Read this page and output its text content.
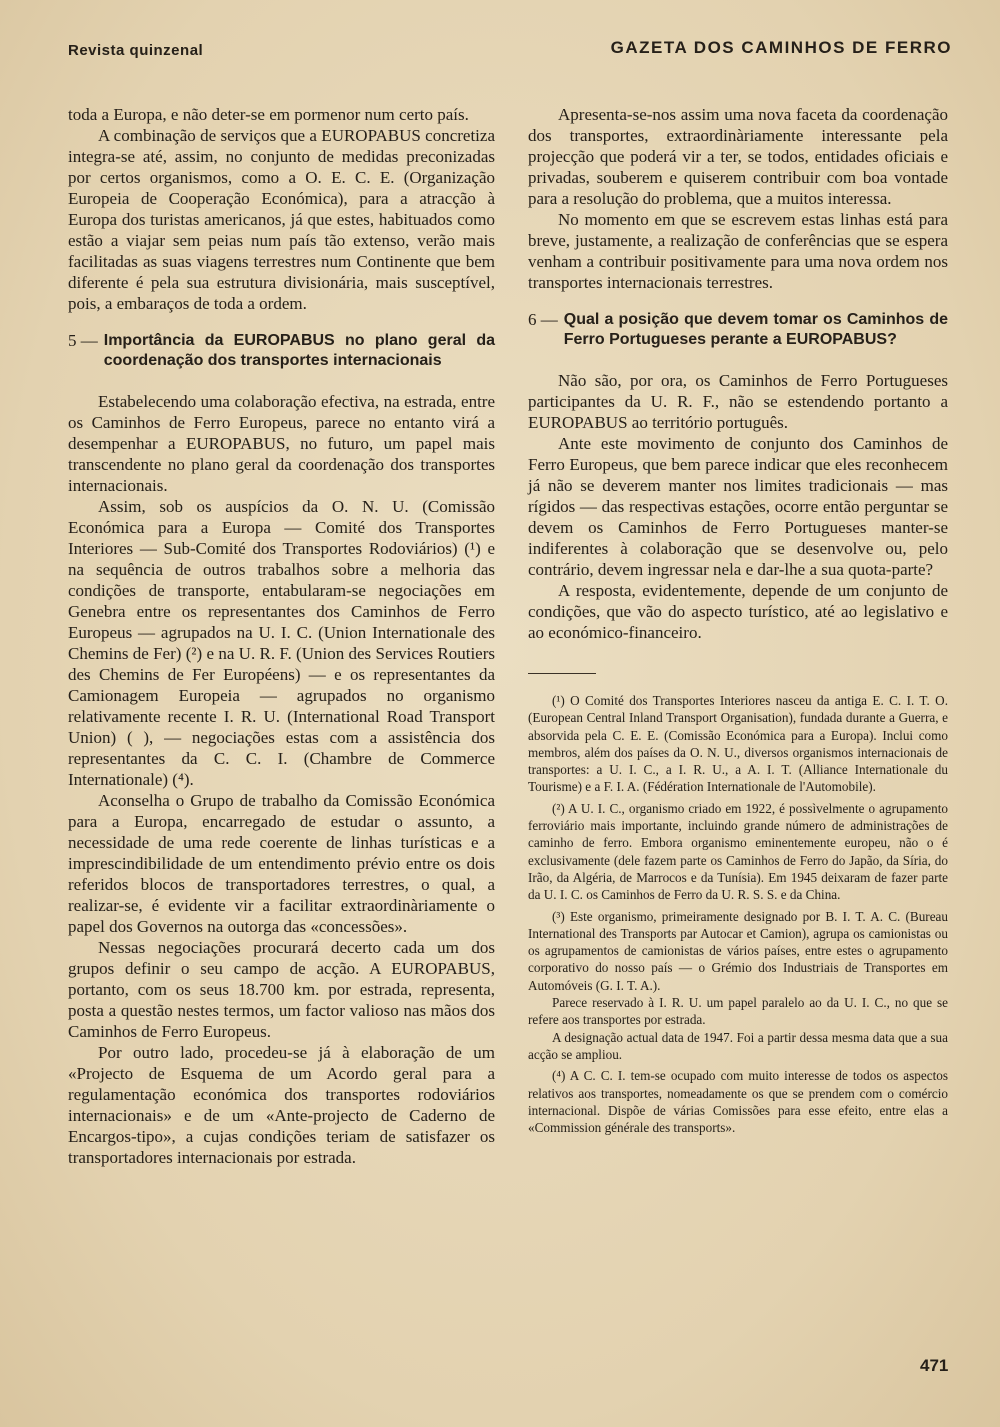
Revista quinzenal	GAZETA DOS CAMINHOS DE FERRO

toda a Europa, e não deter-se em pormenor num certo país.

A combinação de serviços que a EUROPABUS concretiza integra-se até, assim, no conjunto de medidas preconizadas por certos organismos, como a O. E. C. E. (Organização Europeia de Cooperação Económica), para a atracção à Europa dos turistas americanos, já que estes, habituados como estão a viajar sem peias num país tão extenso, verão mais facilitadas as suas viagens terrestres num Continente que bem diferente é pela sua estrutura divisionária, mais susceptível, pois, a embaraços de toda a ordem.

5 — Importância da EUROPABUS no plano geral da coordenação dos transportes internacionais

Estabelecendo uma colaboração efectiva, na estrada, entre os Caminhos de Ferro Europeus, parece no entanto virá a desempenhar a EUROPABUS, no futuro, um papel mais transcendente no plano geral da coordenação dos transportes internacionais.

Assim, sob os auspícios da O. N. U. (Comissão Económica para a Europa — Comité dos Transportes Interiores — Sub-Comité dos Transportes Rodoviários) (¹) e na sequência de outros trabalhos sobre a melhoria das condições de transporte, entabularam-se negociações em Genebra entre os representantes dos Caminhos de Ferro Europeus — agrupados na U. I. C. (Union Internationale des Chemins de Fer) (²) e na U. R. F. (Union des Services Routiers des Chemins de Fer Européens) — e os representantes da Camionagem Europeia — agrupados no organismo relativamente recente I. R. U. (International Road Transport Union) ( ), — negociações estas com a assistência dos representantes da C. C. I. (Chambre de Commerce Internationale) (⁴).

Aconselha o Grupo de trabalho da Comissão Económica para a Europa, encarregado de estudar o assunto, a necessidade de uma rede coerente de linhas turísticas e a imprescindibilidade de um entendimento prévio entre os dois referidos blocos de transportadores terrestres, o qual, a realizar-se, é evidente vir a facilitar extraordinàriamente o papel dos Governos na outorga das «concessões».

Nessas negociações procurará decerto cada um dos grupos definir o seu campo de acção. A EUROPABUS, portanto, com os seus 18.700 km. por estrada, representa, posta a questão nestes termos, um factor valioso nas mãos dos Caminhos de Ferro Europeus.

Por outro lado, procedeu-se já à elaboração de um «Projecto de Esquema de um Acordo geral para a regulamentação económica dos transportes rodoviários internacionais» e de um «Ante-projecto de Caderno de Encargos-tipo», a cujas condições teriam de satisfazer os transportadores internacionais por estrada.

Apresenta-se-nos assim uma nova faceta da coordenação dos transportes, extraordinàriamente interessante pela projecção que poderá vir a ter, se todos, entidades oficiais e privadas, souberem e quiserem contribuir com boa vontade para a resolução do problema, que a muitos interessa.

No momento em que se escrevem estas linhas está para breve, justamente, a realização de conferências que se espera venham a contribuir positivamente para uma nova ordem nos transportes internacionais terrestres.

6 — Qual a posição que devem tomar os Caminhos de Ferro Portugueses perante a EUROPABUS?

Não são, por ora, os Caminhos de Ferro Portugueses participantes da U. R. F., não se estendendo portanto a EUROPABUS ao território português.

Ante este movimento de conjunto dos Caminhos de Ferro Europeus, que bem parece indicar que eles reconhecem já não se deverem manter nos limites tradicionais — mas rígidos — das respectivas estações, ocorre então perguntar se devem os Caminhos de Ferro Portugueses manter-se indiferentes à colaboração que se desenvolve ou, pelo contrário, devem ingressar nela e dar-lhe a sua quota-parte?

A resposta, evidentemente, depende de um conjunto de condições, que vão do aspecto turístico, até ao legislativo e ao económico-financeiro.

(¹) O Comité dos Transportes Interiores nasceu da antiga E. C. I. T. O. (European Central Inland Transport Organisation), fundada durante a Guerra, e absorvida pela C. E. E. (Comissão Económica para a Europa). Inclui como membros, além dos países da O. N. U., diversos organismos internacionais de transportes: a U. I. C., a I. R. U., a A. I. T. (Alliance Internationale du Tourisme) e a F. I. A. (Fédération Internationale de l'Automobile).

(²) A U. I. C., organismo criado em 1922, é possìvelmente o agrupamento ferroviário mais importante, incluindo grande número de administrações de caminho de ferro. Embora organismo eminentemente europeu, não o é exclusivamente (dele fazem parte os Caminhos de Ferro do Japão, da Síria, do Irão, da Algéria, de Marrocos e da Tunísia). Em 1945 deixaram de fazer parte da U. I. C. os Caminhos de Ferro da U. R. S. S. e da China.

(³) Este organismo, primeiramente designado por B. I. T. A. C. (Bureau International des Transports par Autocar et Camion), agrupa os camionistas ou os agrupamentos de camionistas de vários países, entre estes o agrupamento corporativo do nosso país — o Grémio dos Industriais de Transportes em Automóveis (G. I. T. A.).

Parece reservado à I. R. U. um papel paralelo ao da U. I. C., no que se refere aos transportes por estrada.

A designação actual data de 1947. Foi a partir dessa mesma data que a sua acção se ampliou.

(⁴) A C. C. I. tem-se ocupado com muito interesse de todos os aspectos relativos aos transportes, nomeadamente os que se prendem com o comércio internacional. Dispõe de várias Comissões para esse efeito, entre elas a «Commission générale des transports».

471
